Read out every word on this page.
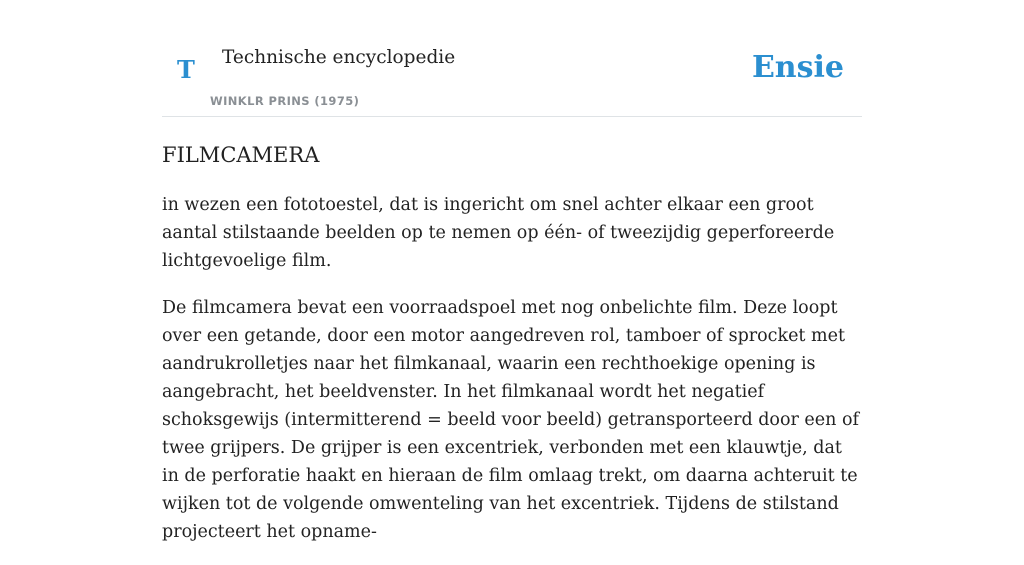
T Technische encyclopedie
WINKLR PRINS (1975)
Ensie
FILMCAMERA

in wezen een fototoestel, dat is ingericht om snel achter elkaar een groot aantal stilstaande beelden op te nemen op één- of tweezijdig geperforeerde lichtgevoelige film.

De filmcamera bevat een voorraadspoel met nog onbelichte film. Deze loopt over een getande, door een motor aangedreven rol, tamboer of sprocket met aandrukrolletjes naar het filmkanaal, waarin een rechthoekige opening is aangebracht, het beeldvenster. In het filmkanaal wordt het negatief schoksgewijs (intermitterend = beeld voor beeld) getransporteerd door een of twee grijpers. De grijper is een excentriek, verbonden met een klauwtje, dat in de perforatie haakt en hieraan de film omlaag trekt, om daarna achteruit te wijken tot de volgende omwenteling van het excentriek. Tijdens de stilstand projecteert het opname-
